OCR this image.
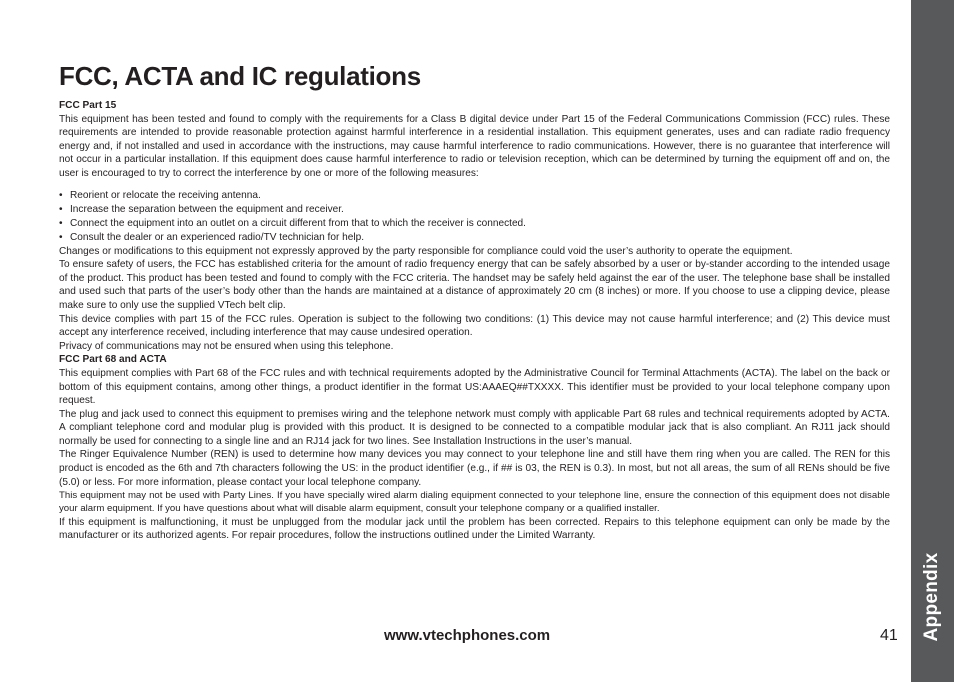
FCC, ACTA and IC regulations

FCC Part 15

This equipment has been tested and found to comply with the requirements for a Class B digital device under Part 15 of the Federal Communications Commission (FCC) rules. These requirements are intended to provide reasonable protection against harmful interference in a residential installation. This equipment generates, uses and can radiate radio frequency energy and, if not installed and used in accordance with the instructions, may cause harmful interference to radio communications. However, there is no guarantee that interference will not occur in a particular installation. If this equipment does cause harmful interference to radio or television reception, which can be determined by turning the equipment off and on, the user is encouraged to try to correct the interference by one or more of the following measures:

• Reorient or relocate the receiving antenna.
• Increase the separation between the equipment and receiver.
• Connect the equipment into an outlet on a circuit different from that to which the receiver is connected.
• Consult the dealer or an experienced radio/TV technician for help.

Changes or modifications to this equipment not expressly approved by the party responsible for compliance could void the user’s authority to operate the equipment.

To ensure safety of users, the FCC has established criteria for the amount of radio frequency energy that can be safely absorbed by a user or by-stander according to the intended usage of the product. This product has been tested and found to comply with the FCC criteria. The handset may be safely held against the ear of the user. The telephone base shall be installed and used such that parts of the user’s body other than the hands are maintained at a distance of approximately 20 cm (8 inches) or more. If you choose to use a clipping device, please make sure to only use the supplied VTech belt clip.

This device complies with part 15 of the FCC rules. Operation is subject to the following two conditions: (1) This device may not cause harmful interference; and (2) This device must accept any interference received, including interference that may cause undesired operation.

Privacy of communications may not be ensured when using this telephone.

FCC Part 68 and ACTA

This equipment complies with Part 68 of the FCC rules and with technical requirements adopted by the Administrative Council for Terminal Attachments (ACTA). The label on the back or bottom of this equipment contains, among other things, a product identifier in the format US:AAAEQ##TXXXX. This identifier must be provided to your local telephone company upon request.

The plug and jack used to connect this equipment to premises wiring and the telephone network must comply with applicable Part 68 rules and technical requirements adopted by ACTA. A compliant telephone cord and modular plug is provided with this product. It is designed to be connected to a compatible modular jack that is also compliant. An RJ11 jack should normally be used for connecting to a single line and an RJ14 jack for two lines. See Installation Instructions in the user’s manual.

The Ringer Equivalence Number (REN) is used to determine how many devices you may connect to your telephone line and still have them ring when you are called. The REN for this product is encoded as the 6th and 7th characters following the US: in the product identifier (e.g., if ## is 03, the REN is 0.3). In most, but not all areas, the sum of all RENs should be five (5.0) or less. For more information, please contact your local telephone company.

This equipment may not be used with Party Lines. If you have specially wired alarm dialing equipment connected to your telephone line, ensure the connection of this equipment does not disable your alarm equipment. If you have questions about what will disable alarm equipment, consult your telephone company or a qualified installer.

If this equipment is malfunctioning, it must be unplugged from the modular jack until the problem has been corrected. Repairs to this telephone equipment can only be made by the manufacturer or its authorized agents. For repair procedures, follow the instructions outlined under the Limited Warranty.

www.vtechphones.com	41 Appendix
